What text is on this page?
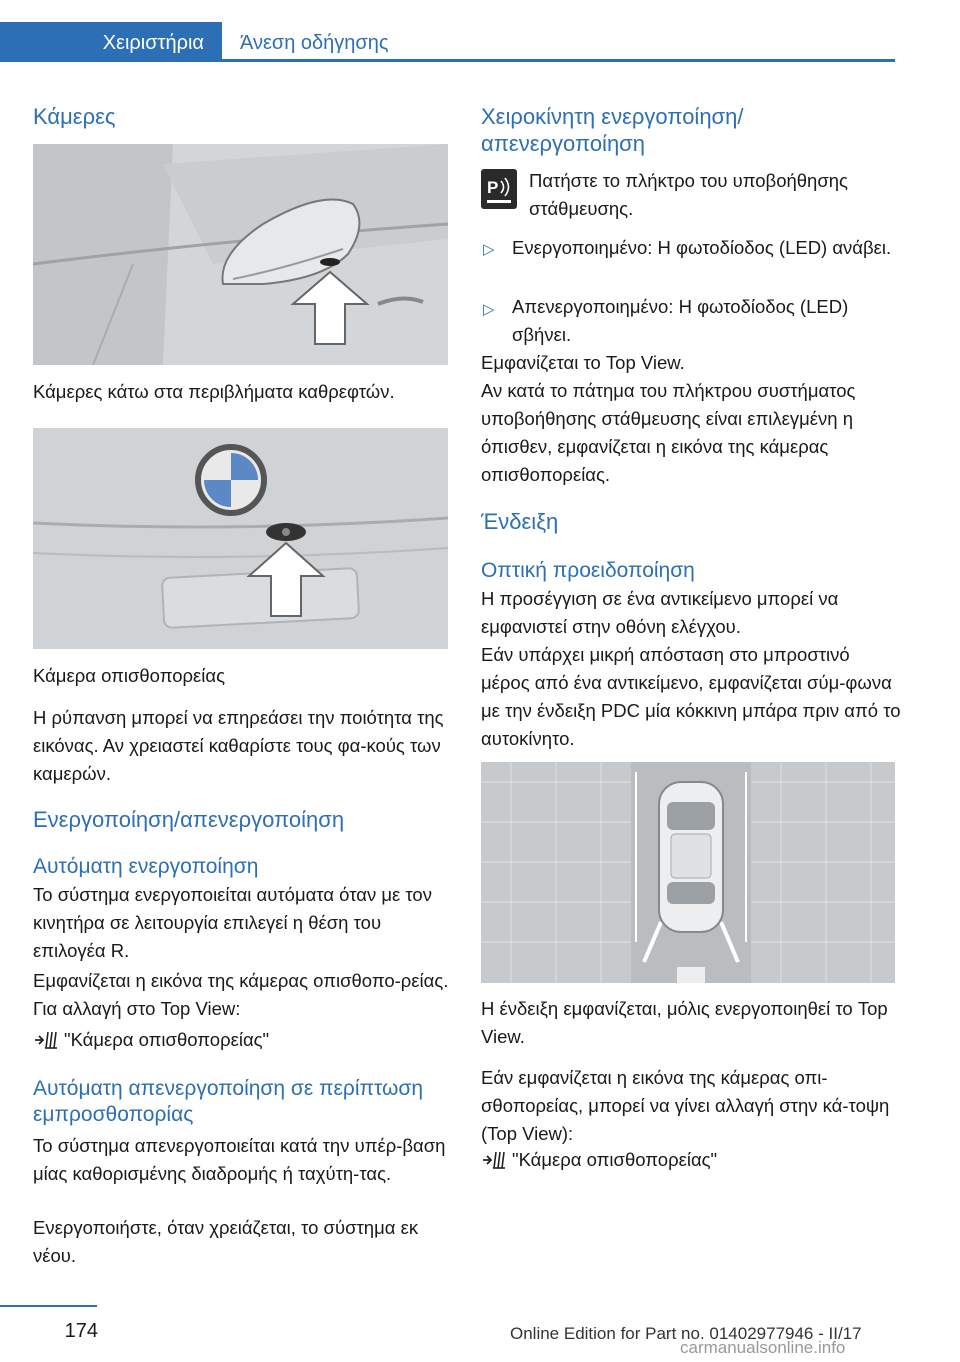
Χειριστήρια	Άνεση οδήγησης
Κάμερες

Κάμερες κάτω στα περιβλήματα καθρεφτών.

Κάμερα οπισθοπορείας

Η ρύπανση μπορεί να επηρεάσει την ποιότητα της εικόνας. Αν χρειαστεί καθαρίστε τους φα-κούς των καμερών.

Ενεργοποίηση/απενεργοποίηση
Αυτόματη ενεργοποίηση

Το σύστημα ενεργοποιείται αυτόματα όταν με τον κινητήρα σε λειτουργία επιλεγεί η θέση του επιλογέα R.

Εμφανίζεται η εικόνα της κάμερας οπισθοπο-ρείας. Για αλλαγή στο Top View:

"Κάμερα οπισθοπορείας"

Αυτόματη απενεργοποίηση σε περίπτωση εμπροσθοπορίας

Το σύστημα απενεργοποιείται κατά την υπέρ-βαση μίας καθορισμένης διαδρομής ή ταχύτη-τας.

Ενεργοποιήστε, όταν χρειάζεται, το σύστημα εκ νέου.

Χειροκίνητη ενεργοποίηση/ απενεργοποίηση
P Πατήστε το πλήκτρο του υποβοήθησης στάθμευσης.

▷ Ενεργοποιημένο: Η φωτοδίοδος (LED) ανάβει.

▷ Απενεργοποιημένο: Η φωτοδίοδος (LED) σβήνει.

Εμφανίζεται το Top View.

Αν κατά το πάτημα του πλήκτρου συστήματος υποβοήθησης στάθμευσης είναι επιλεγμένη η όπισθεν, εμφανίζεται η εικόνα της κάμερας οπισθοπορείας.

Ένδειξη
Οπτική προειδοποίηση

Η προσέγγιση σε ένα αντικείμενο μπορεί να εμφανιστεί στην οθόνη ελέγχου.

Εάν υπάρχει μικρή απόσταση στο μπροστινό μέρος από ένα αντικείμενο, εμφανίζεται σύμ-φωνα με την ένδειξη PDC μία κόκκινη μπάρα πριν από το αυτοκίνητο.

Η ένδειξη εμφανίζεται, μόλις ενεργοποιηθεί το Top View.

Εάν εμφανίζεται η εικόνα της κάμερας οπι-σθοπορείας, μπορεί να γίνει αλλαγή στην κά-τοψη (Top View):

"Κάμερα οπισθοπορείας"

174	Online Edition for Part no. 01402977946 - II/17
carmanualsonline.info
